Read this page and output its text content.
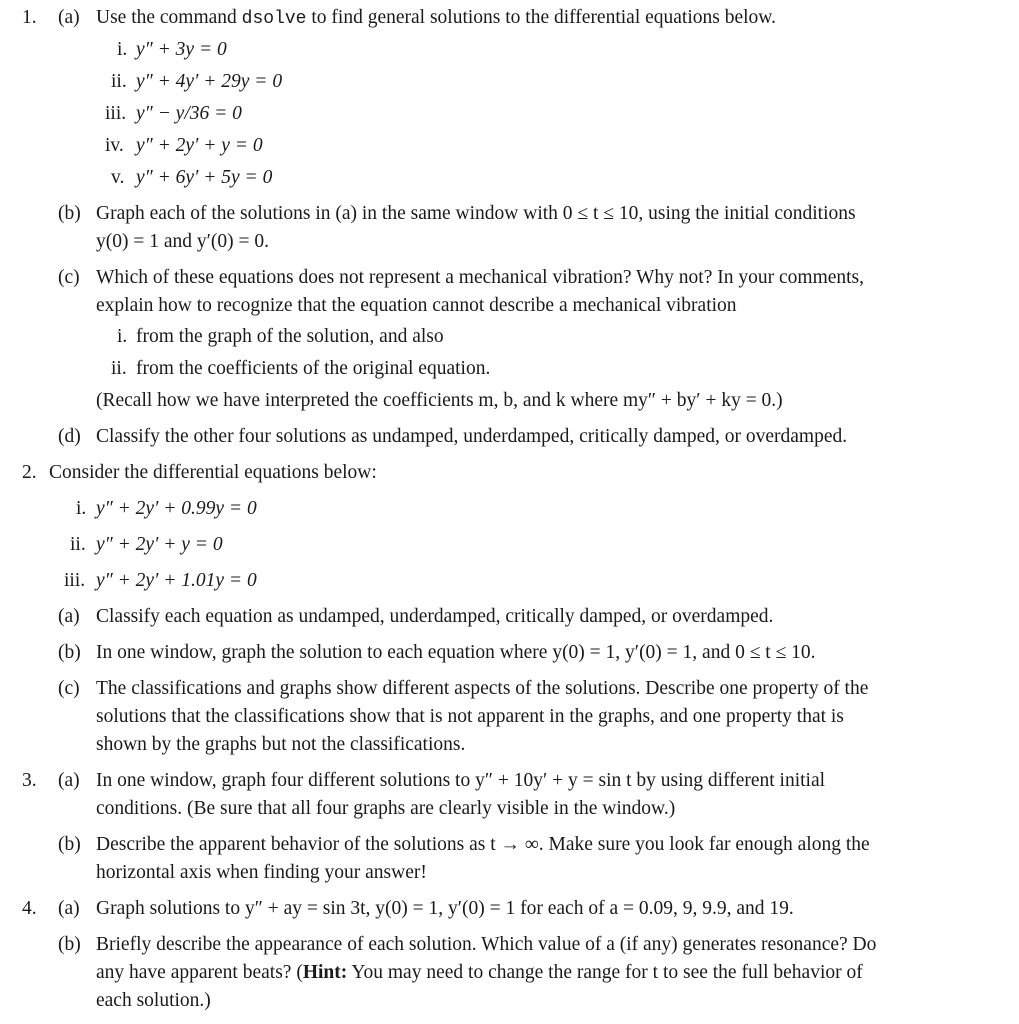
1. (a) Use the command dsolve to find general solutions to the differential equations below.
i. y″ + 3y = 0
ii. y″ + 4y′ + 29y = 0
iii. y″ − y/36 = 0
iv. y″ + 2y′ + y = 0
v. y″ + 6y′ + 5y = 0
(b) Graph each of the solutions in (a) in the same window with 0 ≤ t ≤ 10, using the initial conditions
y(0) = 1 and y′(0) = 0.
(c) Which of these equations does not represent a mechanical vibration? Why not? In your comments,
explain how to recognize that the equation cannot describe a mechanical vibration
i. from the graph of the solution, and also
ii. from the coefficients of the original equation.
(Recall how we have interpreted the coefficients m, b, and k where my″ + by′ + ky = 0.)
(d) Classify the other four solutions as undamped, underdamped, critically damped, or overdamped.
2. Consider the differential equations below:
i. y″ + 2y′ + 0.99y = 0
ii. y″ + 2y′ + y = 0
iii. y″ + 2y′ + 1.01y = 0
(a) Classify each equation as undamped, underdamped, critically damped, or overdamped.
(b) In one window, graph the solution to each equation where y(0) = 1, y′(0) = 1, and 0 ≤ t ≤ 10.
(c) The classifications and graphs show different aspects of the solutions. Describe one property of the
solutions that the classifications show that is not apparent in the graphs, and one property that is
shown by the graphs but not the classifications.
3. (a) In one window, graph four different solutions to y″ + 10y′ + y = sin t by using different initial
conditions. (Be sure that all four graphs are clearly visible in the window.)
(b) Describe the apparent behavior of the solutions as t → ∞. Make sure you look far enough along the
horizontal axis when finding your answer!
4. (a) Graph solutions to y″ + ay = sin 3t, y(0) = 1, y′(0) = 1 for each of a = 0.09, 9, 9.9, and 19.
(b) Briefly describe the appearance of each solution. Which value of a (if any) generates resonance? Do
any have apparent beats? (Hint: You may need to change the range for t to see the full behavior of
each solution.)
